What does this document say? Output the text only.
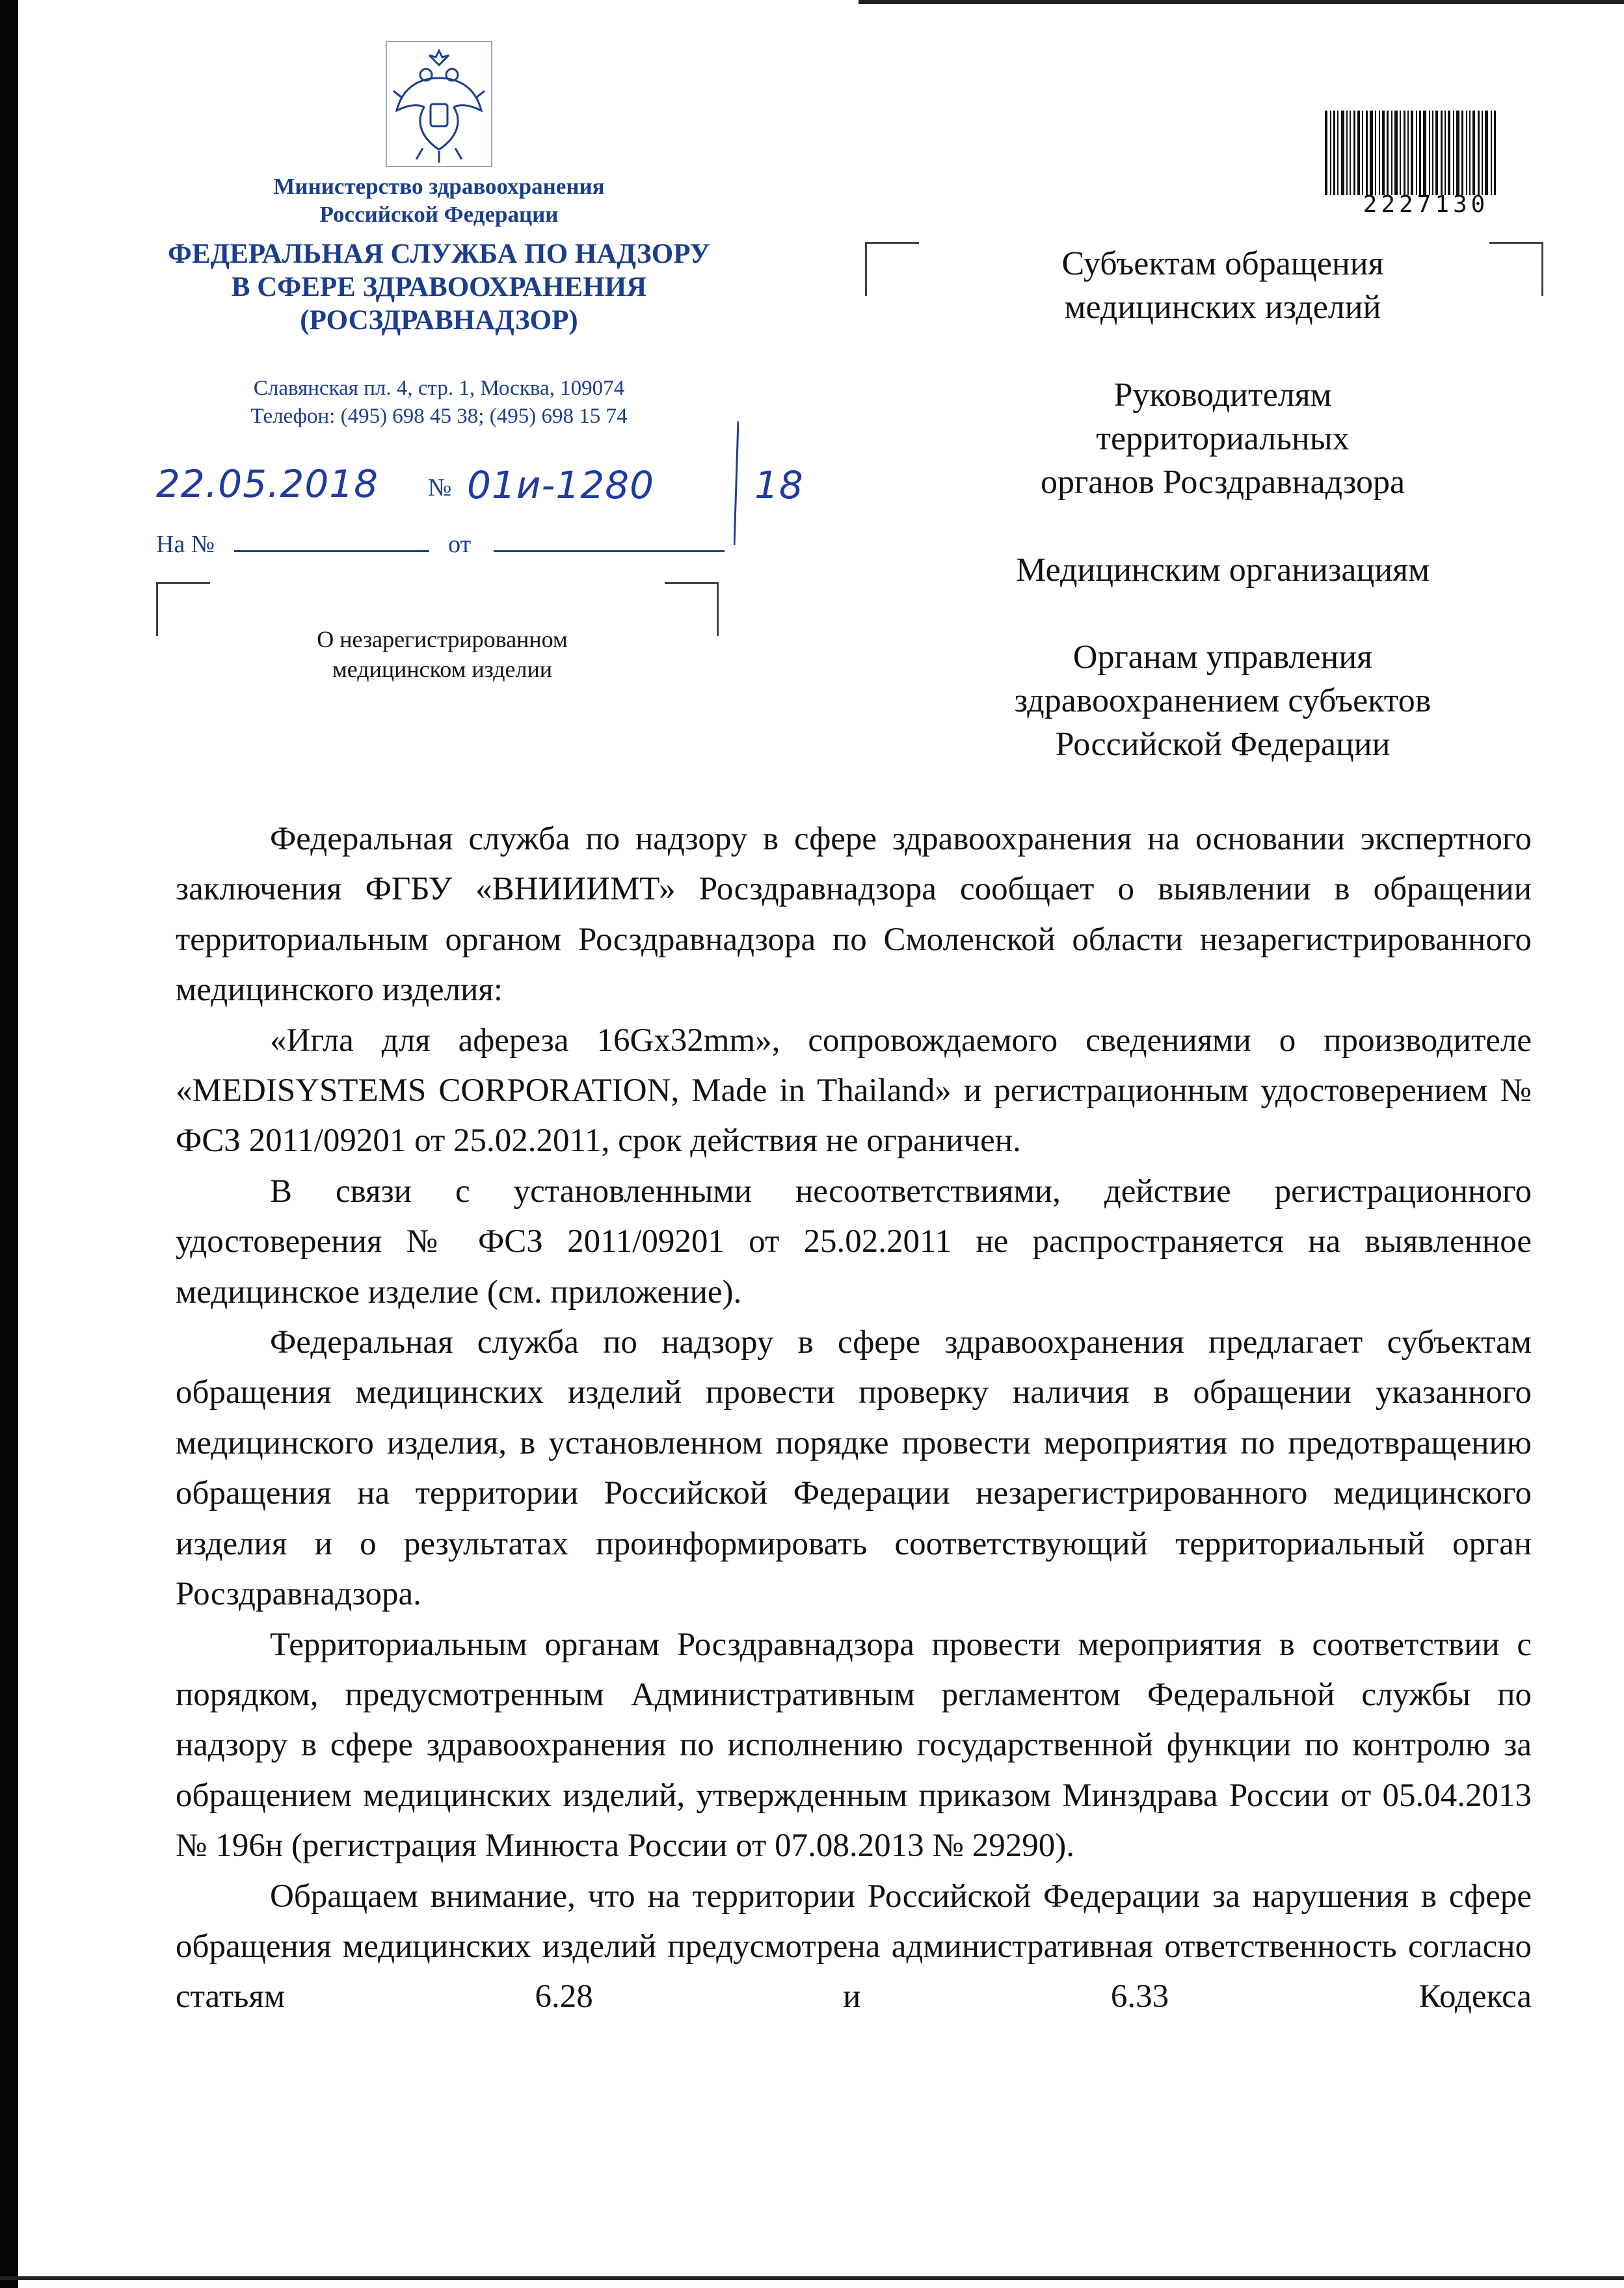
Министерство здравоохранения
Российской Федерации
ФЕДЕРАЛЬНАЯ СЛУЖБА ПО НАДЗОРУ
В СФЕРЕ ЗДРАВООХРАНЕНИЯ
(РОСЗДРАВНАДЗОР)
Славянская пл. 4, стр. 1, Москва, 109074
Телефон: (495) 698 45 38; (495) 698 15 74
22.05.2018 № 01и-1280	18
На №	от
О незарегистрированном
медицинском изделии
2227130
Субъектам обращения
медицинских изделий
Руководителям
территориальных
органов Росздравнадзора
Медицинским организациям
Органам управления
здравоохранением субъектов
Российской Федерации

Федеральная служба по надзору в сфере здравоохранения на основании экспертного заключения ФГБУ «ВНИИИМТ» Росздравнадзора сообщает о выявлении в обращении территориальным органом Росздравнадзора по Смоленской области незарегистрированного медицинского изделия:

«Игла для афереза 16Gx32mm», сопровождаемого сведениями о производителе «MEDISYSTEMS CORPORATION, Made in Thailand» и регистрационным удостоверением № ФСЗ 2011/09201 от 25.02.2011, срок действия не ограничен.

В связи с установленными несоответствиями, действие регистрационного удостоверения № ФСЗ 2011/09201 от 25.02.2011 не распространяется на выявленное медицинское изделие (см. приложение).

Федеральная служба по надзору в сфере здравоохранения предлагает субъектам обращения медицинских изделий провести проверку наличия в обращении указанного медицинского изделия, в установленном порядке провести мероприятия по предотвращению обращения на территории Российской Федерации незарегистрированного медицинского изделия и о результатах проинформировать соответствующий территориальный орган Росздравнадзора.

Территориальным органам Росздравнадзора провести мероприятия в соответствии с порядком, предусмотренным Административным регламентом Федеральной службы по надзору в сфере здравоохранения по исполнению государственной функции по контролю за обращением медицинских изделий, утвержденным приказом Минздрава России от 05.04.2013 № 196н (регистрация Минюста России от 07.08.2013 № 29290).

Обращаем внимание, что на территории Российской Федерации за нарушения в сфере обращения медицинских изделий предусмотрена административная ответственность согласно статьям 6.28 и 6.33 Кодекса
